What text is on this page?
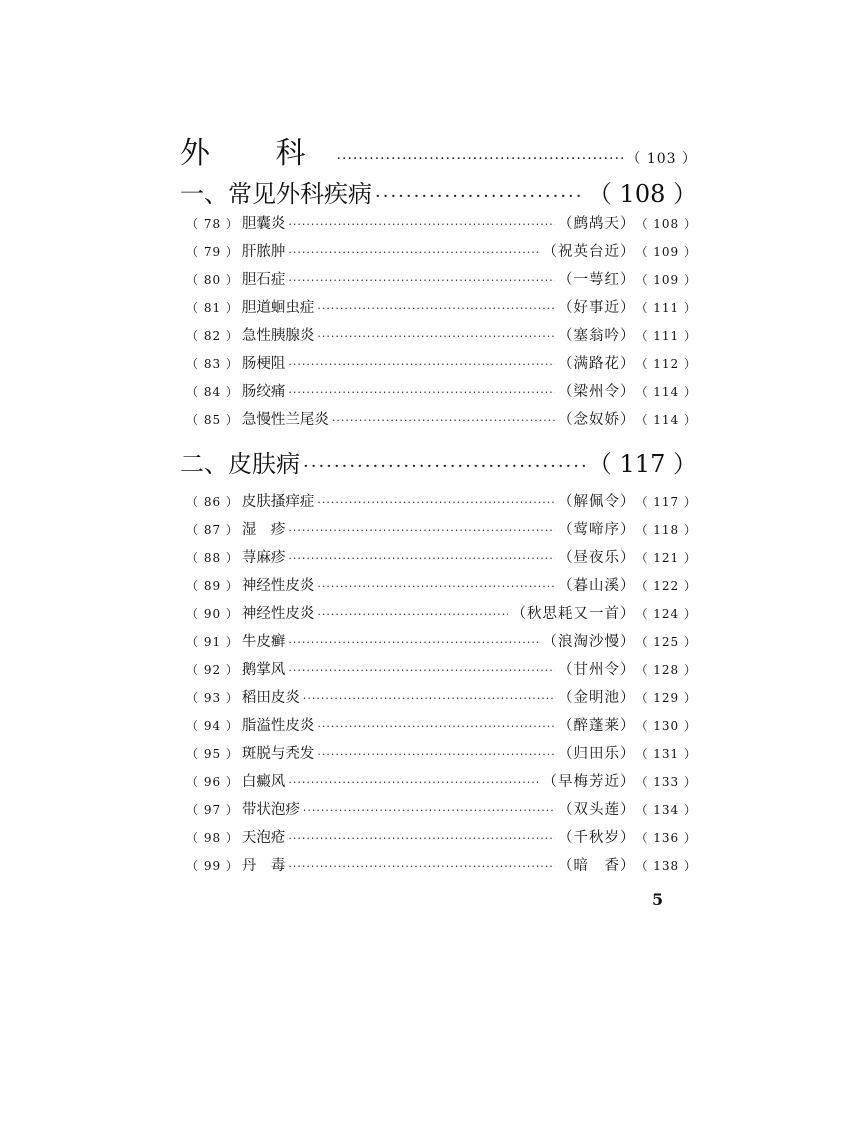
外 科 ·····	（ 103 ）
一、常见外科疾病 ·····	（ 108 ）
（ 78 ） 胆囊炎 ·····	（鹧鸪天） （ 108 ）
（ 79 ） 肝脓肿 ·····	（祝英台近） （ 109 ）
（ 80 ） 胆石症 ·····	（一萼红） （ 109 ）
（ 81 ） 胆道蛔虫症 ·····	（好事近） （ 111 ）
（ 82 ） 急性胰腺炎 ·····	（塞翁吟） （ 111 ）
（ 83 ） 肠梗阻 ·····	（满路花） （ 112 ）
（ 84 ） 肠绞痛 ·····	（梁州令） （ 114 ）
（ 85 ） 急慢性兰尾炎 ·····	（念奴娇） （ 114 ）
二、皮肤病 ·····	（ 117 ）
（ 86 ） 皮肤搔痒症 ·····	（解佩令） （ 117 ）
（ 87 ） 湿　疹 ·····	（莺啼序） （ 118 ）
（ 88 ） 荨麻疹 ·····	（昼夜乐） （ 121 ）
（ 89 ） 神经性皮炎 ·····	（暮山溪） （ 122 ）
（ 90 ） 神经性皮炎 ·····	（秋思耗又一首） （ 124 ）
（ 91 ） 牛皮癣 ·····	（浪淘沙慢） （ 125 ）
（ 92 ） 鹅掌风 ·····	（甘州令） （ 128 ）
（ 93 ） 稻田皮炎 ·····	（金明池） （ 129 ）
（ 94 ） 脂溢性皮炎 ·····	（醉蓬莱） （ 130 ）
（ 95 ） 斑脱与秃发 ·····	（归田乐） （ 131 ）
（ 96 ） 白癜风 ·····	（早梅芳近） （ 133 ）
（ 97 ） 带状泡疹 ·····	（双头莲） （ 134 ）
（ 98 ） 天泡疮 ·····	（千秋岁） （ 136 ）
（ 99 ） 丹　毒 ·····	（暗　香） （ 138 ）
5
